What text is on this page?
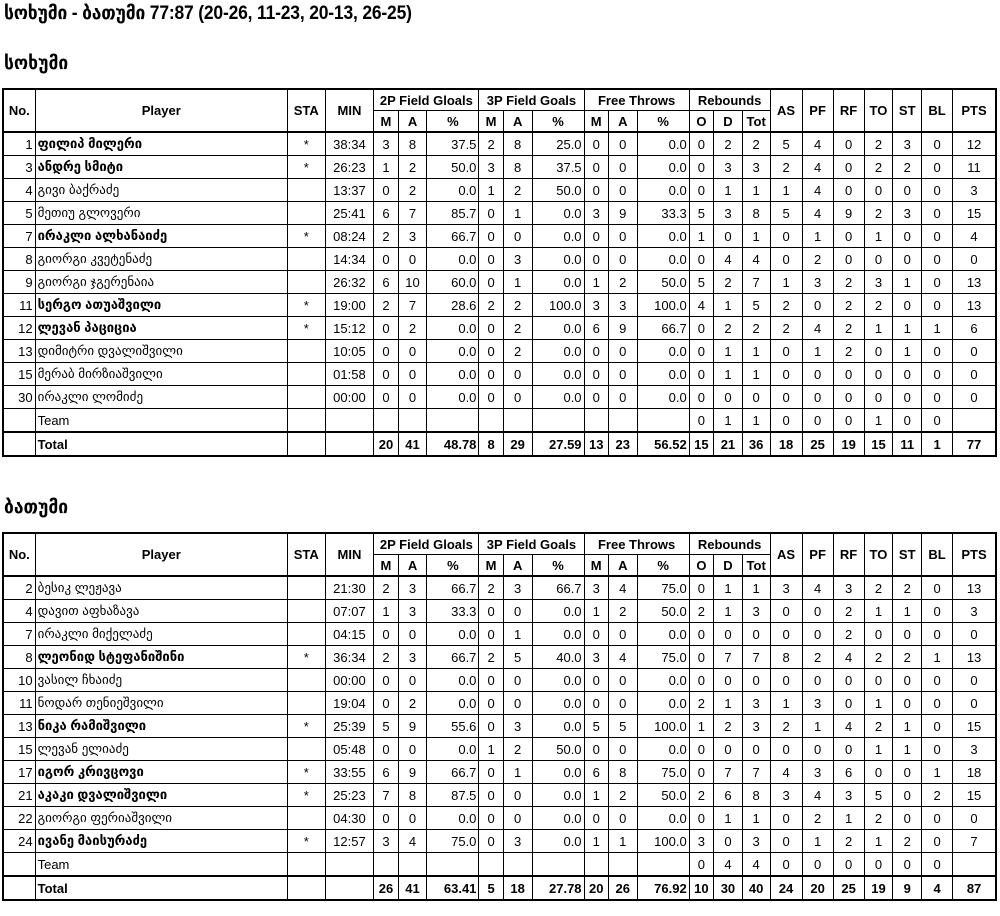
სოხუმი - ბათუმი 77:87 (20-26, 11-23, 20-13, 26-25)
სოხუმი
No.	Player	STA	MIN	2P Field Gloals			3P Field Goals			Free Throws			Rebounds			AS	PF	RF	TO	ST	BL	PTS
				M	A	%	M	A	%	M	A	%	O	D	Tot							
1	ფილიპ მილერი	*	38:34	3	8	37.5	2	8	25.0	0	0	0.0	0	2	2	5	4	0	2	3	0	12
3	ანდრე სმიტი	*	26:23	1	2	50.0	3	8	37.5	0	0	0.0	0	3	3	2	4	0	2	2	0	11
4	გივი ბაქრაძე		13:37	0	2	0.0	1	2	50.0	0	0	0.0	0	1	1	1	4	0	0	0	0	3
5	მეთიუ გლოვერი		25:41	6	7	85.7	0	1	0.0	3	9	33.3	5	3	8	5	4	9	2	3	0	15
7	ირაკლი ალხანაიძე	*	08:24	2	3	66.7	0	0	0.0	0	0	0.0	1	0	1	0	1	0	1	0	0	4
8	გიორგი კვეტენაძე		14:34	0	0	0.0	0	3	0.0	0	0	0.0	0	4	4	0	2	0	0	0	0	0
9	გიორგი ჯგერენაია		26:32	6	10	60.0	0	1	0.0	1	2	50.0	5	2	7	1	3	2	3	1	0	13
11	სერგო ათუაშვილი	*	19:00	2	7	28.6	2	2	100.0	3	3	100.0	4	1	5	2	0	2	2	0	0	13
12	ლევან პაციცია	*	15:12	0	2	0.0	0	2	0.0	6	9	66.7	0	2	2	2	4	2	1	1	1	6
13	დიმიტრი დვალიშვილი		10:05	0	0	0.0	0	2	0.0	0	0	0.0	0	1	1	0	1	2	0	1	0	0
15	მერაბ მირზიაშვილი		01:58	0	0	0.0	0	0	0.0	0	0	0.0	0	1	1	0	0	0	0	0	0	0
30	ირაკლი ლომიძე		00:00	0	0	0.0	0	0	0.0	0	0	0.0	0	0	0	0	0	0	0	0	0	0
	Team												0	1	1	0	0	0	1	0	0	
	Total			20	41	48.78	8	29	27.59	13	23	56.52	15	21	36	18	25	19	15	11	1	77
ბათუმი
No.	Player	STA	MIN	2P Field Gloals			3P Field Goals			Free Throws			Rebounds			AS	PF	RF	TO	ST	BL	PTS
				M	A	%	M	A	%	M	A	%	O	D	Tot							
2	ბესიკ ლეჟავა		21:30	2	3	66.7	2	3	66.7	3	4	75.0	0	1	1	3	4	3	2	2	0	13
4	დავით აფხაზავა		07:07	1	3	33.3	0	0	0.0	1	2	50.0	2	1	3	0	0	2	1	1	0	3
7	ირაკლი მიქელაძე		04:15	0	0	0.0	0	1	0.0	0	0	0.0	0	0	0	0	0	2	0	0	0	0
8	ლეონიდ სტეფანიშინი	*	36:34	2	3	66.7	2	5	40.0	3	4	75.0	0	7	7	8	2	4	2	2	1	13
10	ვასილ ჩხაიძე		00:00	0	0	0.0	0	0	0.0	0	0	0.0	0	0	0	0	0	0	0	0	0	0
11	ნოდარ თენიეშვილი		19:04	0	2	0.0	0	0	0.0	0	0	0.0	2	1	3	1	3	0	1	0	0	0
13	ნიკა რამიშვილი	*	25:39	5	9	55.6	0	3	0.0	5	5	100.0	1	2	3	2	1	4	2	1	0	15
15	ლევან ელიაძე		05:48	0	0	0.0	1	2	50.0	0	0	0.0	0	0	0	0	0	0	1	1	0	3
17	იგორ კრივცოვი	*	33:55	6	9	66.7	0	1	0.0	6	8	75.0	0	7	7	4	3	6	0	0	1	18
21	აკაკი დვალიშვილი	*	25:23	7	8	87.5	0	0	0.0	1	2	50.0	2	6	8	3	4	3	5	0	2	15
22	გიორგი ფერიაშვილი		04:30	0	0	0.0	0	0	0.0	0	0	0.0	0	1	1	0	2	1	2	0	0	0
24	ივანე მაისურაძე	*	12:57	3	4	75.0	0	3	0.0	1	1	100.0	3	0	3	0	1	2	1	2	0	7
	Team												0	4	4	0	0	0	0	0	0	
	Total			26	41	63.41	5	18	27.78	20	26	76.92	10	30	40	24	20	25	19	9	4	87
